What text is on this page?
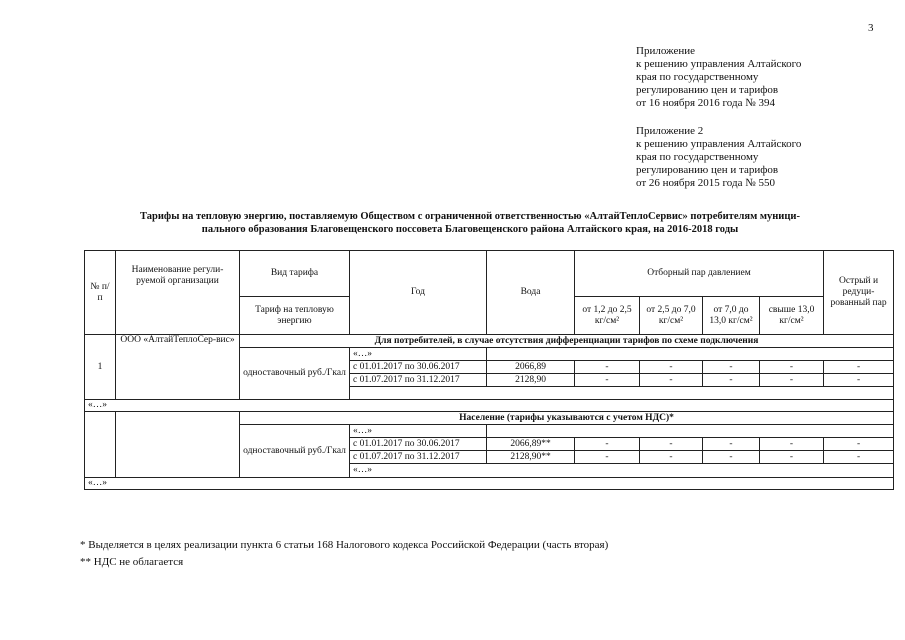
3
Приложение
к решению управления Алтайского
края по государственному
регулированию цен и тарифов
от 16 ноября 2016 года № 394
Приложение 2
к решению управления Алтайского
края по государственному
регулированию цен и тарифов
от 26 ноября 2015 года № 550
Тарифы на тепловую энергию, поставляемую Обществом с ограниченной ответственностью «АлтайТеплоСервис» потребителям муници-
пального образования Благовещенского поссовета Благовещенского района Алтайского края, на 2016-2018 годы
№ п/п	Наименование регули-руемой организации	Вид тарифа	Год	Вода	Отборный пар давлением				Острый и редуци-рованный пар
		Тариф на тепловую энергию			от 1,2 до 2,5 кг/см²	от 2,5 до 7,0 кг/см²	от 7,0 до 13,0 кг/см²	свыше 13,0 кг/см²	
1	ООО «АлтайТеплоСер-вис»	Для потребителей, в случае отсутствия дифференциации тарифов по схеме подключения							
		одноставочный руб./Гкал	«…»						
			с 01.01.2017 по 30.06.2017	2066,89	-	-	-	-	-
			с 01.07.2017 по 31.12.2017	2128,90	-	-	-	-	-

«…»									
		Население (тарифы указываются с учетом НДС)*							
		одноставочный руб./Гкал	«…»						
			с 01.01.2017 по 30.06.2017	2066,89**	-	-	-	-	-
			с 01.07.2017 по 31.12.2017	2128,90**	-	-	-	-	-
			«…»						
«…»									
* Выделяется в целях реализации пункта 6 статьи 168 Налогового кодекса Российской Федерации (часть вторая)
** НДС не облагается
